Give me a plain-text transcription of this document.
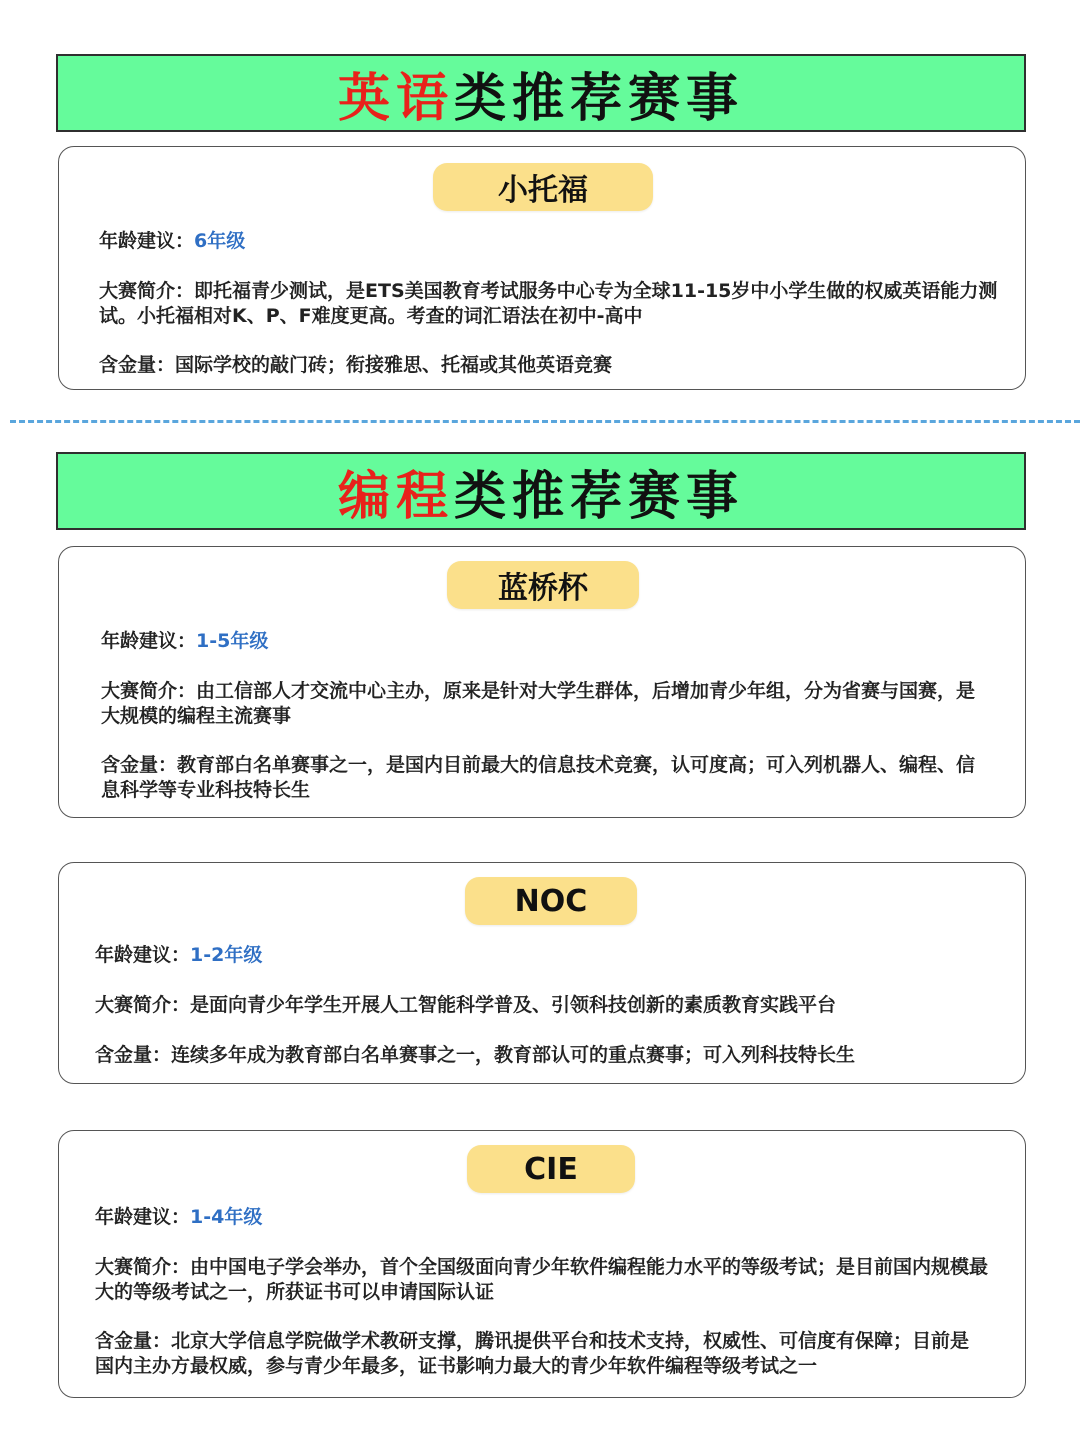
英语 类推荐赛事
小托福
年龄建议：6年级
大赛简介：即托福青少测试，是ETS美国教育考试服务中心专为全球11-15岁中小学生做的权威英语能力测试。小托福相对K、P、F难度更高。考查的词汇语法在初中-高中
含金量：国际学校的敲门砖；衔接雅思、托福或其他英语竞赛
编程 类推荐赛事
蓝桥杯
年龄建议：1-5年级
大赛简介：由工信部人才交流中心主办，原来是针对大学生群体，后增加青少年组，分为省赛与国赛，是大规模的编程主流赛事
含金量：教育部白名单赛事之一，是国内目前最大的信息技术竞赛，认可度高；可入列机器人、编程、信息科学等专业科技特长生
NOC
年龄建议：1-2年级
大赛简介：是面向青少年学生开展人工智能科学普及、引领科技创新的素质教育实践平台
含金量：连续多年成为教育部白名单赛事之一，教育部认可的重点赛事；可入列科技特长生
CIE
年龄建议：1-4年级
大赛简介：由中国电子学会举办，首个全国级面向青少年软件编程能力水平的等级考试；是目前国内规模最大的等级考试之一，所获证书可以申请国际认证
含金量：北京大学信息学院做学术教研支撑，腾讯提供平台和技术支持，权威性、可信度有保障；目前是国内主办方最权威，参与青少年最多，证书影响力最大的青少年软件编程等级考试之一
